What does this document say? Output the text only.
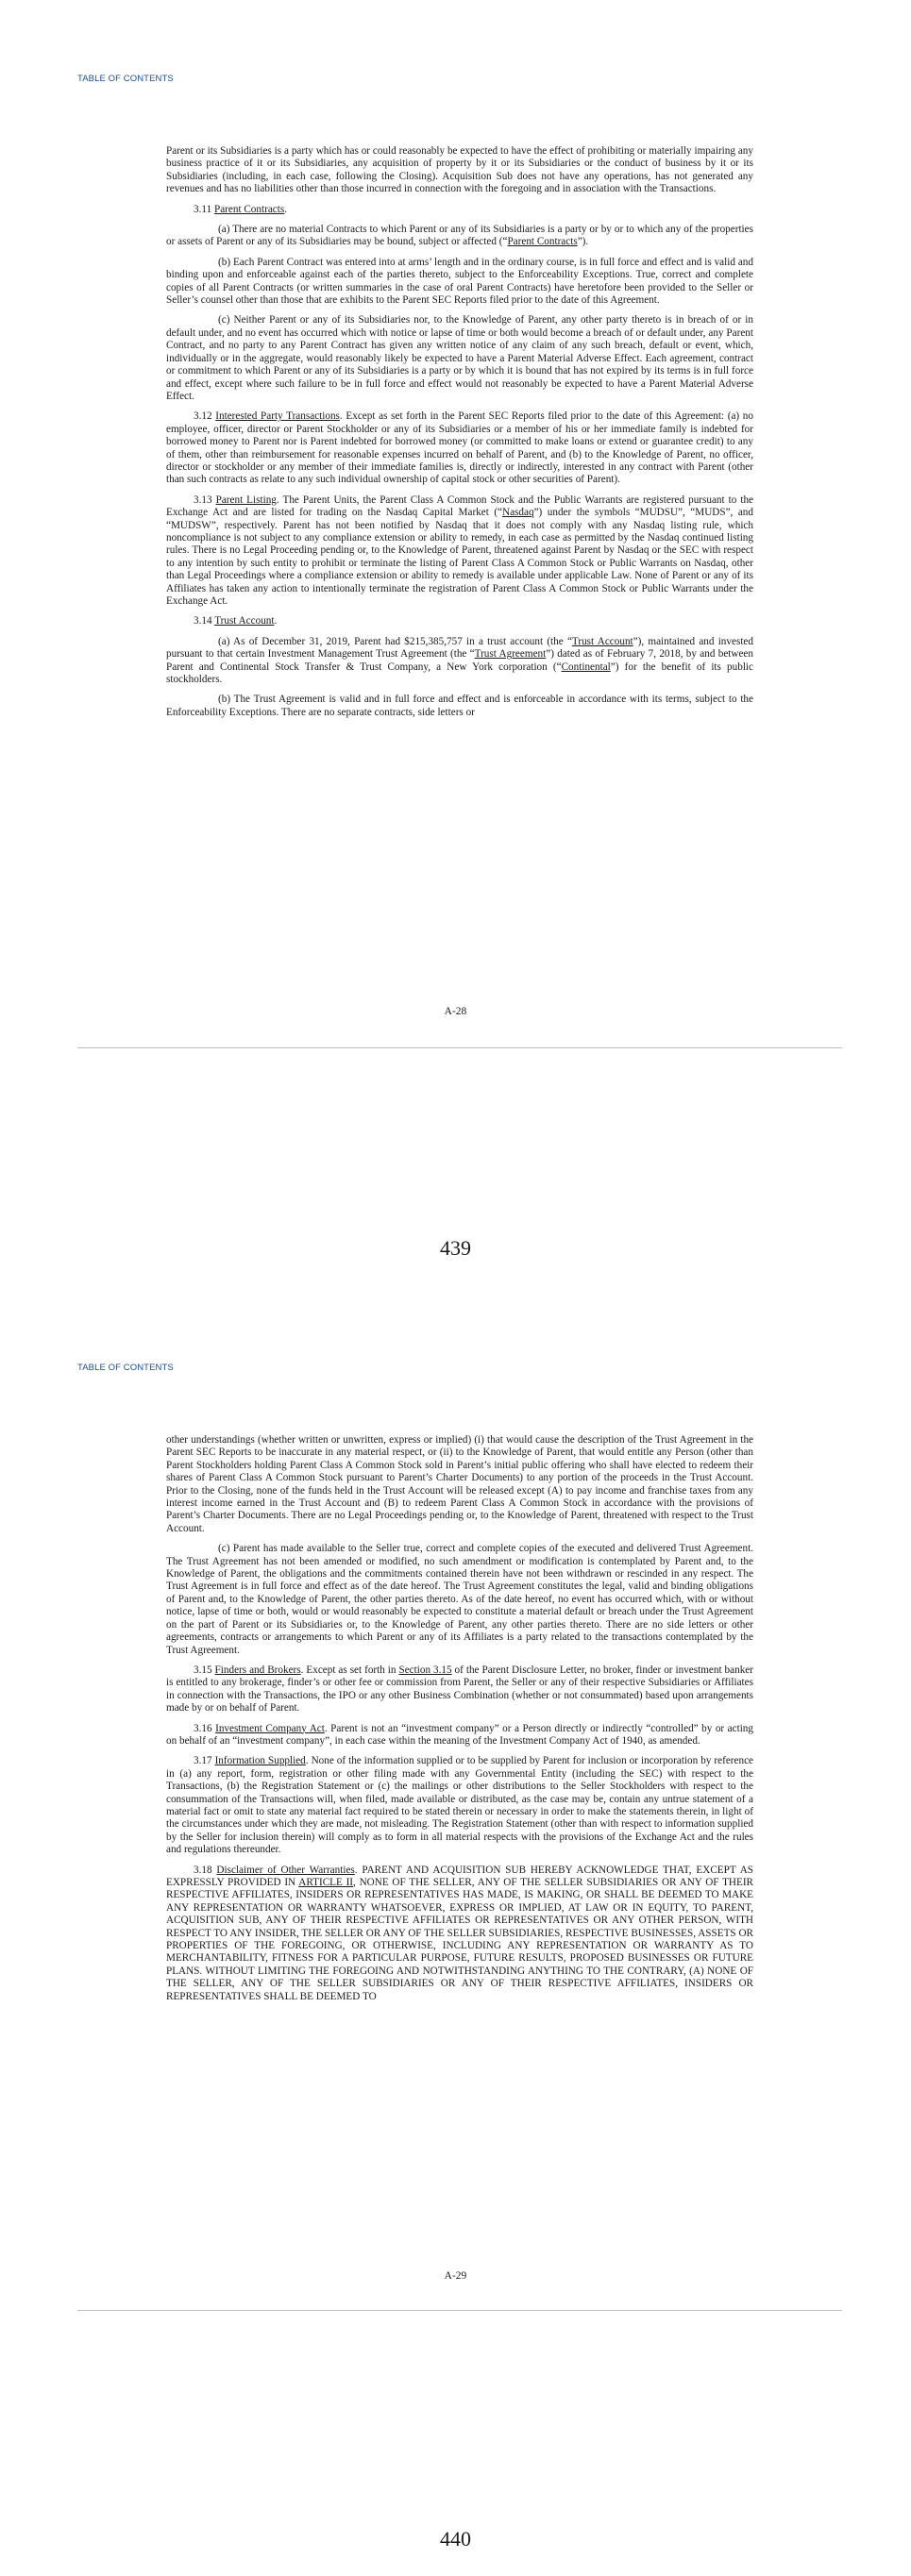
TABLE OF CONTENTS

Parent or its Subsidiaries is a party which has or could reasonably be expected to have the effect of prohibiting or materially impairing any business practice of it or its Subsidiaries, any acquisition of property by it or its Subsidiaries or the conduct of business by it or its Subsidiaries (including, in each case, following the Closing). Acquisition Sub does not have any operations, has not generated any revenues and has no liabilities other than those incurred in connection with the foregoing and in association with the Transactions.

3.11 Parent Contracts.

(a) There are no material Contracts to which Parent or any of its Subsidiaries is a party or by or to which any of the properties or assets of Parent or any of its Subsidiaries may be bound, subject or affected (“Parent Contracts”).

(b) Each Parent Contract was entered into at arms’ length and in the ordinary course, is in full force and effect and is valid and binding upon and enforceable against each of the parties thereto, subject to the Enforceability Exceptions. True, correct and complete copies of all Parent Contracts (or written summaries in the case of oral Parent Contracts) have heretofore been provided to the Seller or Seller’s counsel other than those that are exhibits to the Parent SEC Reports filed prior to the date of this Agreement.

(c) Neither Parent or any of its Subsidiaries nor, to the Knowledge of Parent, any other party thereto is in breach of or in default under, and no event has occurred which with notice or lapse of time or both would become a breach of or default under, any Parent Contract, and no party to any Parent Contract has given any written notice of any claim of any such breach, default or event, which, individually or in the aggregate, would reasonably likely be expected to have a Parent Material Adverse Effect. Each agreement, contract or commitment to which Parent or any of its Subsidiaries is a party or by which it is bound that has not expired by its terms is in full force and effect, except where such failure to be in full force and effect would not reasonably be expected to have a Parent Material Adverse Effect.

3.12 Interested Party Transactions. Except as set forth in the Parent SEC Reports filed prior to the date of this Agreement: (a) no employee, officer, director or Parent Stockholder or any of its Subsidiaries or a member of his or her immediate family is indebted for borrowed money to Parent nor is Parent indebted for borrowed money (or committed to make loans or extend or guarantee credit) to any of them, other than reimbursement for reasonable expenses incurred on behalf of Parent, and (b) to the Knowledge of Parent, no officer, director or stockholder or any member of their immediate families is, directly or indirectly, interested in any contract with Parent (other than such contracts as relate to any such individual ownership of capital stock or other securities of Parent).

3.13 Parent Listing. The Parent Units, the Parent Class A Common Stock and the Public Warrants are registered pursuant to the Exchange Act and are listed for trading on the Nasdaq Capital Market (“Nasdaq”) under the symbols “MUDSU”, “MUDS”, and “MUDSW”, respectively. Parent has not been notified by Nasdaq that it does not comply with any Nasdaq listing rule, which noncompliance is not subject to any compliance extension or ability to remedy, in each case as permitted by the Nasdaq continued listing rules. There is no Legal Proceeding pending or, to the Knowledge of Parent, threatened against Parent by Nasdaq or the SEC with respect to any intention by such entity to prohibit or terminate the listing of Parent Class A Common Stock or Public Warrants on Nasdaq, other than Legal Proceedings where a compliance extension or ability to remedy is available under applicable Law. None of Parent or any of its Affiliates has taken any action to intentionally terminate the registration of Parent Class A Common Stock or Public Warrants under the Exchange Act.

3.14 Trust Account.

(a) As of December 31, 2019, Parent had $215,385,757 in a trust account (the “Trust Account”), maintained and invested pursuant to that certain Investment Management Trust Agreement (the “Trust Agreement”) dated as of February 7, 2018, by and between Parent and Continental Stock Transfer & Trust Company, a New York corporation (“Continental”) for the benefit of its public stockholders.

(b) The Trust Agreement is valid and in full force and effect and is enforceable in accordance with its terms, subject to the Enforceability Exceptions. There are no separate contracts, side letters or

A-28
439
TABLE OF CONTENTS

other understandings (whether written or unwritten, express or implied) (i) that would cause the description of the Trust Agreement in the Parent SEC Reports to be inaccurate in any material respect, or (ii) to the Knowledge of Parent, that would entitle any Person (other than Parent Stockholders holding Parent Class A Common Stock sold in Parent’s initial public offering who shall have elected to redeem their shares of Parent Class A Common Stock pursuant to Parent’s Charter Documents) to any portion of the proceeds in the Trust Account. Prior to the Closing, none of the funds held in the Trust Account will be released except (A) to pay income and franchise taxes from any interest income earned in the Trust Account and (B) to redeem Parent Class A Common Stock in accordance with the provisions of Parent’s Charter Documents. There are no Legal Proceedings pending or, to the Knowledge of Parent, threatened with respect to the Trust Account.

(c) Parent has made available to the Seller true, correct and complete copies of the executed and delivered Trust Agreement. The Trust Agreement has not been amended or modified, no such amendment or modification is contemplated by Parent and, to the Knowledge of Parent, the obligations and the commitments contained therein have not been withdrawn or rescinded in any respect. The Trust Agreement is in full force and effect as of the date hereof. The Trust Agreement constitutes the legal, valid and binding obligations of Parent and, to the Knowledge of Parent, the other parties thereto. As of the date hereof, no event has occurred which, with or without notice, lapse of time or both, would or would reasonably be expected to constitute a material default or breach under the Trust Agreement on the part of Parent or its Subsidiaries or, to the Knowledge of Parent, any other parties thereto. There are no side letters or other agreements, contracts or arrangements to which Parent or any of its Affiliates is a party related to the transactions contemplated by the Trust Agreement.

3.15 Finders and Brokers. Except as set forth in Section 3.15 of the Parent Disclosure Letter, no broker, finder or investment banker is entitled to any brokerage, finder’s or other fee or commission from Parent, the Seller or any of their respective Subsidiaries or Affiliates in connection with the Transactions, the IPO or any other Business Combination (whether or not consummated) based upon arrangements made by or on behalf of Parent.

3.16 Investment Company Act. Parent is not an “investment company” or a Person directly or indirectly “controlled” by or acting on behalf of an “investment company”, in each case within the meaning of the Investment Company Act of 1940, as amended.

3.17 Information Supplied. None of the information supplied or to be supplied by Parent for inclusion or incorporation by reference in (a) any report, form, registration or other filing made with any Governmental Entity (including the SEC) with respect to the Transactions, (b) the Registration Statement or (c) the mailings or other distributions to the Seller Stockholders with respect to the consummation of the Transactions will, when filed, made available or distributed, as the case may be, contain any untrue statement of a material fact or omit to state any material fact required to be stated therein or necessary in order to make the statements therein, in light of the circumstances under which they are made, not misleading. The Registration Statement (other than with respect to information supplied by the Seller for inclusion therein) will comply as to form in all material respects with the provisions of the Exchange Act and the rules and regulations thereunder.

3.18 Disclaimer of Other Warranties. PARENT AND ACQUISITION SUB HEREBY ACKNOWLEDGE THAT, EXCEPT AS EXPRESSLY PROVIDED IN ARTICLE II, NONE OF THE SELLER, ANY OF THE SELLER SUBSIDIARIES OR ANY OF THEIR RESPECTIVE AFFILIATES, INSIDERS OR REPRESENTATIVES HAS MADE, IS MAKING, OR SHALL BE DEEMED TO MAKE ANY REPRESENTATION OR WARRANTY WHATSOEVER, EXPRESS OR IMPLIED, AT LAW OR IN EQUITY, TO PARENT, ACQUISITION SUB, ANY OF THEIR RESPECTIVE AFFILIATES OR REPRESENTATIVES OR ANY OTHER PERSON, WITH RESPECT TO ANY INSIDER, THE SELLER OR ANY OF THE SELLER SUBSIDIARIES, RESPECTIVE BUSINESSES, ASSETS OR PROPERTIES OF THE FOREGOING, OR OTHERWISE, INCLUDING ANY REPRESENTATION OR WARRANTY AS TO MERCHANTABILITY, FITNESS FOR A PARTICULAR PURPOSE, FUTURE RESULTS, PROPOSED BUSINESSES OR FUTURE PLANS. WITHOUT LIMITING THE FOREGOING AND NOTWITHSTANDING ANYTHING TO THE CONTRARY, (A) NONE OF THE SELLER, ANY OF THE SELLER SUBSIDIARIES OR ANY OF THEIR RESPECTIVE AFFILIATES, INSIDERS OR REPRESENTATIVES SHALL BE DEEMED TO

A-29
440
